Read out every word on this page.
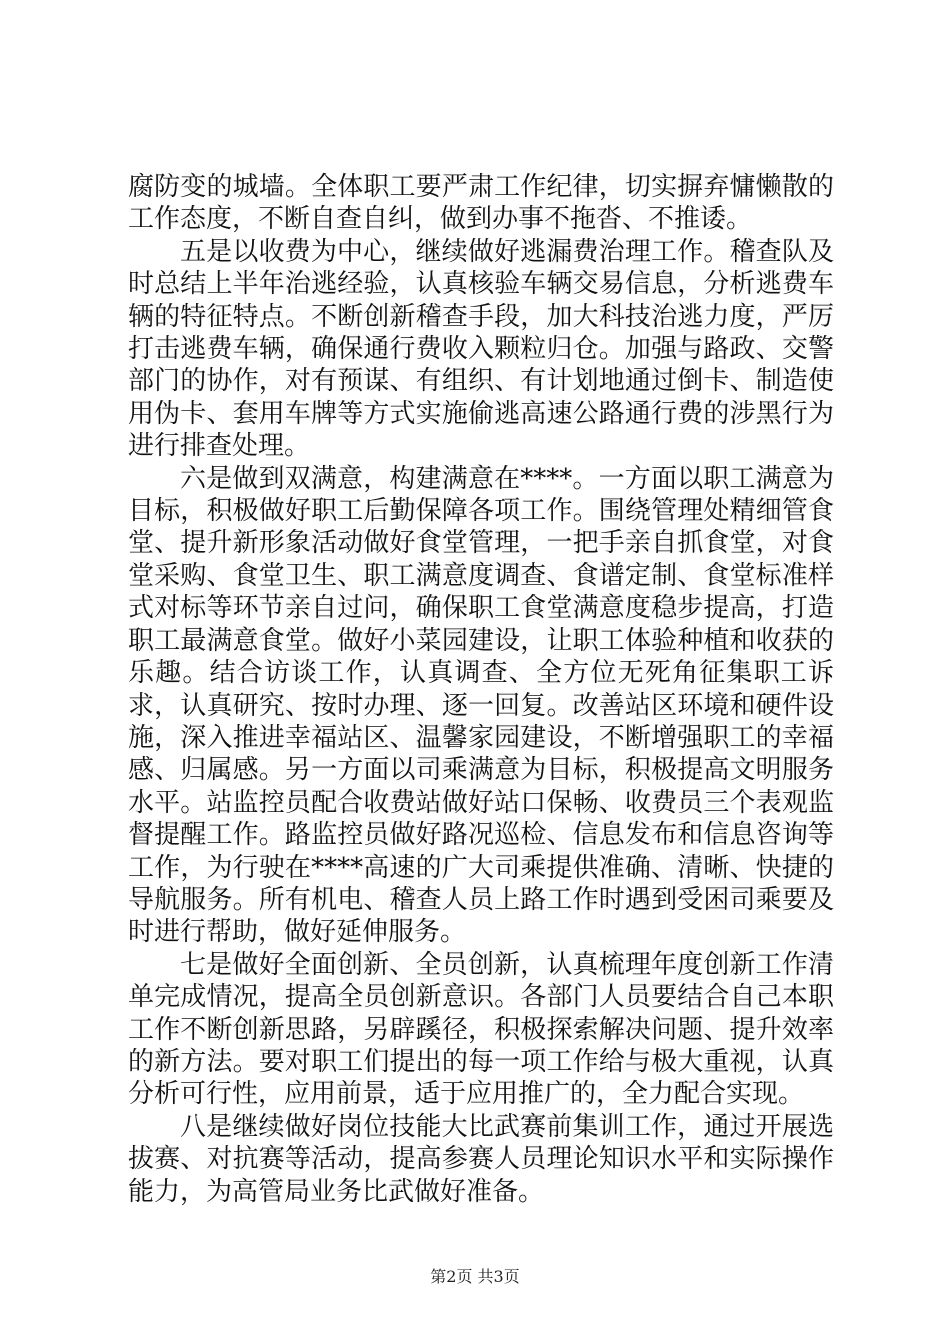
腐防变的城墙。全体职工要严肃工作纪律，切实摒弃慵懒散的工作态度，不断自查自纠，做到办事不拖沓、不推诿。

五是以收费为中心，继续做好逃漏费治理工作。稽查队及时总结上半年治逃经验，认真核验车辆交易信息，分析逃费车辆的特征特点。不断创新稽查手段，加大科技治逃力度，严厉打击逃费车辆，确保通行费收入颗粒归仓。加强与路政、交警部门的协作，对有预谋、有组织、有计划地通过倒卡、制造使用伪卡、套用车牌等方式实施偷逃高速公路通行费的涉黑行为进行排查处理。

六是做到双满意，构建满意在****。一方面以职工满意为目标，积极做好职工后勤保障各项工作。围绕管理处精细管食堂、提升新形象活动做好食堂管理，一把手亲自抓食堂，对食堂采购、食堂卫生、职工满意度调查、食谱定制、食堂标准样式对标等环节亲自过问，确保职工食堂满意度稳步提高，打造职工最满意食堂。做好小菜园建设，让职工体验种植和收获的乐趣。结合访谈工作，认真调查、全方位无死角征集职工诉求，认真研究、按时办理、逐一回复。改善站区环境和硬件设施，深入推进幸福站区、温馨家园建设，不断增强职工的幸福感、归属感。另一方面以司乘满意为目标，积极提高文明服务水平。站监控员配合收费站做好站口保畅、收费员三个表观监督提醒工作。路监控员做好路况巡检、信息发布和信息咨询等工作，为行驶在****高速的广大司乘提供准确、清晰、快捷的导航服务。所有机电、稽查人员上路工作时遇到受困司乘要及时进行帮助，做好延伸服务。

七是做好全面创新、全员创新，认真梳理年度创新工作清单完成情况，提高全员创新意识。各部门人员要结合自己本职工作不断创新思路，另辟蹊径，积极探索解决问题、提升效率的新方法。要对职工们提出的每一项工作给与极大重视，认真分析可行性，应用前景，适于应用推广的，全力配合实现。

八是继续做好岗位技能大比武赛前集训工作，通过开展选拔赛、对抗赛等活动，提高参赛人员理论知识水平和实际操作能力，为高管局业务比武做好准备。

第2页 共3页
